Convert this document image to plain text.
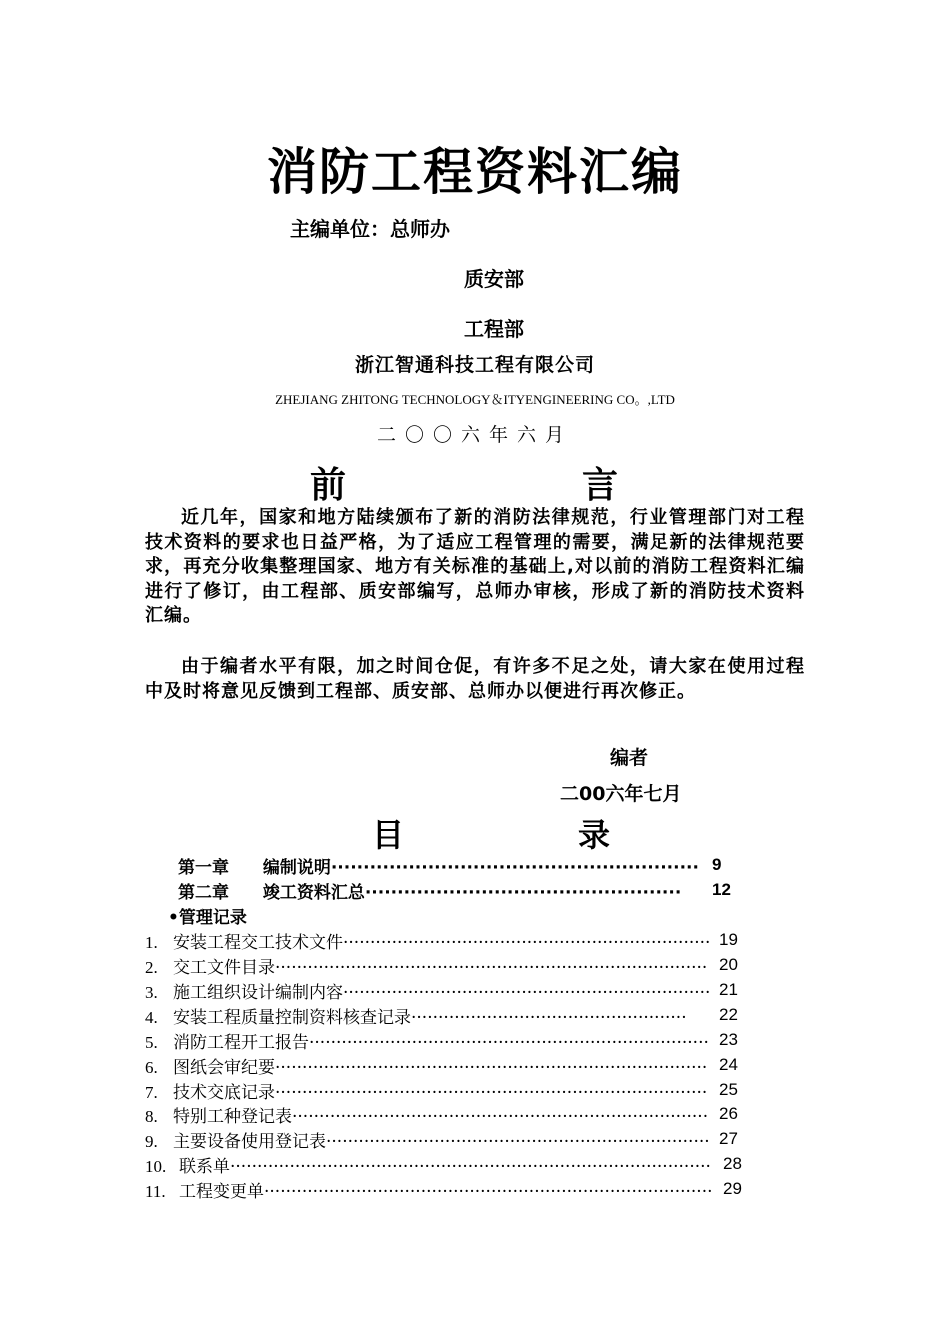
消防工程资料汇编
主编单位：总师办
质安部
工程部
浙江智通科技工程有限公司
ZHEJIANG ZHITONG TECHNOLOGY＆ITYENGINEERING CO。,LTD
二〇〇六年六月
前	言
近几年，国家和地方陆续颁布了新的消防法律规范，行业管理部门对工程技术资料的要求也日益严格，为了适应工程管理的需要，满足新的法律规范要求，再充分收集整理国家、地方有关标准的基础上,对以前的消防工程资料汇编进行了修订，由工程部、质安部编写，总师办审核，形成了新的消防技术资料汇编。
由于编者水平有限，加之时间仓促，有许多不足之处，请大家在使用过程中及时将意见反馈到工程部、质安部、总师办以便进行再次修正。
编者
二00六年七月
目	录
第一章 编制说明························································· 9
第二章 竣工资料汇总················································· 12
•管理记录
1. 安装工程交工技术文件···································································· 19
2. 交工文件目录················································································ 20
3. 施工组织设计编制内容···································································· 21
4. 安装工程质量控制资料核查记录··················································· 22
5. 消防工程开工报告·········································································· 23
6. 图纸会审纪要················································································ 24
7. 技术交底记录················································································ 25
8. 特别工种登记表············································································· 26
9. 主要设备使用登记表······································································· 27
10. 联系单························································································· 28
11. 工程变更单··················································································· 29
